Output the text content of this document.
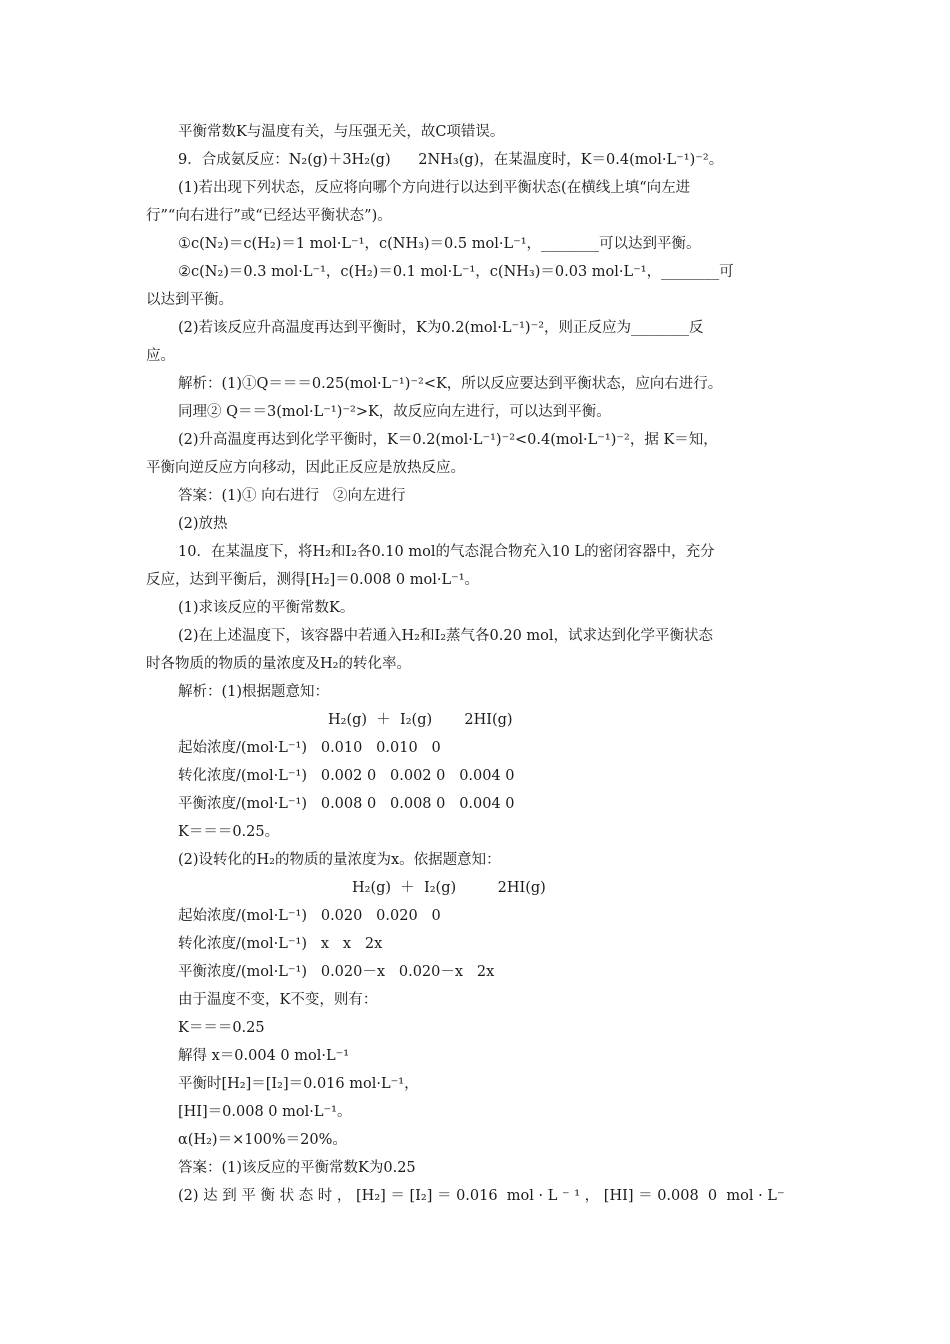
平衡常数K与温度有关，与压强无关，故C项错误。
9．合成氨反应：N₂(g)＋3H₂(g)      2NH₃(g)，在某温度时，K＝0.4(mol·L⁻¹)⁻²。
(1)若出现下列状态，反应将向哪个方向进行以达到平衡状态(在横线上填“向左进
行”“向右进行”或“已经达平衡状态”)。
①c(N₂)＝c(H₂)＝1 mol·L⁻¹，c(NH₃)＝0.5 mol·L⁻¹，________可以达到平衡。
②c(N₂)＝0.3 mol·L⁻¹，c(H₂)＝0.1 mol·L⁻¹，c(NH₃)＝0.03 mol·L⁻¹，________可
以达到平衡。
(2)若该反应升高温度再达到平衡时，K为0.2(mol·L⁻¹)⁻²，则正反应为________反
应。
解析：(1)①Q＝＝＝0.25(mol·L⁻¹)⁻²<K，所以反应要达到平衡状态，应向右进行。
同理② Q＝＝3(mol·L⁻¹)⁻²>K，故反应向左进行，可以达到平衡。
(2)升高温度再达到化学平衡时，K＝0.2(mol·L⁻¹)⁻²<0.4(mol·L⁻¹)⁻²，据 K＝知，
平衡向逆反应方向移动，因此正反应是放热反应。
答案：(1)① 向右进行   ②向左进行
(2)放热
10．在某温度下，将H₂和I₂各0.10 mol的气态混合物充入10 L的密闭容器中，充分
反应，达到平衡后，测得[H₂]＝0.008 0 mol·L⁻¹。
(1)求该反应的平衡常数K。
(2)在上述温度下，该容器中若通入H₂和I₂蒸气各0.20 mol，试求达到化学平衡状态
时各物质的物质的量浓度及H₂的转化率。
解析：(1)根据题意知：
H₂(g)  ＋  I₂(g)       2HI(g)
起始浓度/(mol·L⁻¹)   0.010   0.010   0
转化浓度/(mol·L⁻¹)   0.002 0   0.002 0   0.004 0
平衡浓度/(mol·L⁻¹)   0.008 0   0.008 0   0.004 0
K＝＝＝0.25。
(2)设转化的H₂的物质的量浓度为x。依据题意知：
H₂(g)  ＋  I₂(g)         2HI(g)
起始浓度/(mol·L⁻¹)   0.020   0.020   0
转化浓度/(mol·L⁻¹)   x   x   2x
平衡浓度/(mol·L⁻¹)   0.020－x   0.020－x   2x
由于温度不变，K不变，则有：
K＝＝＝0.25
解得 x＝0.004 0 mol·L⁻¹
平衡时[H₂]＝[I₂]＝0.016 mol·L⁻¹，
[HI]＝0.008 0 mol·L⁻¹。
α(H₂)＝×100%＝20%。
答案：(1)该反应的平衡常数K为0.25
(2) 达 到 平 衡 状 态 时 ， [H₂] ＝ [I₂] ＝ 0.016  mol · L ⁻ ¹ ， [HI] ＝ 0.008  0  mol · L⁻
